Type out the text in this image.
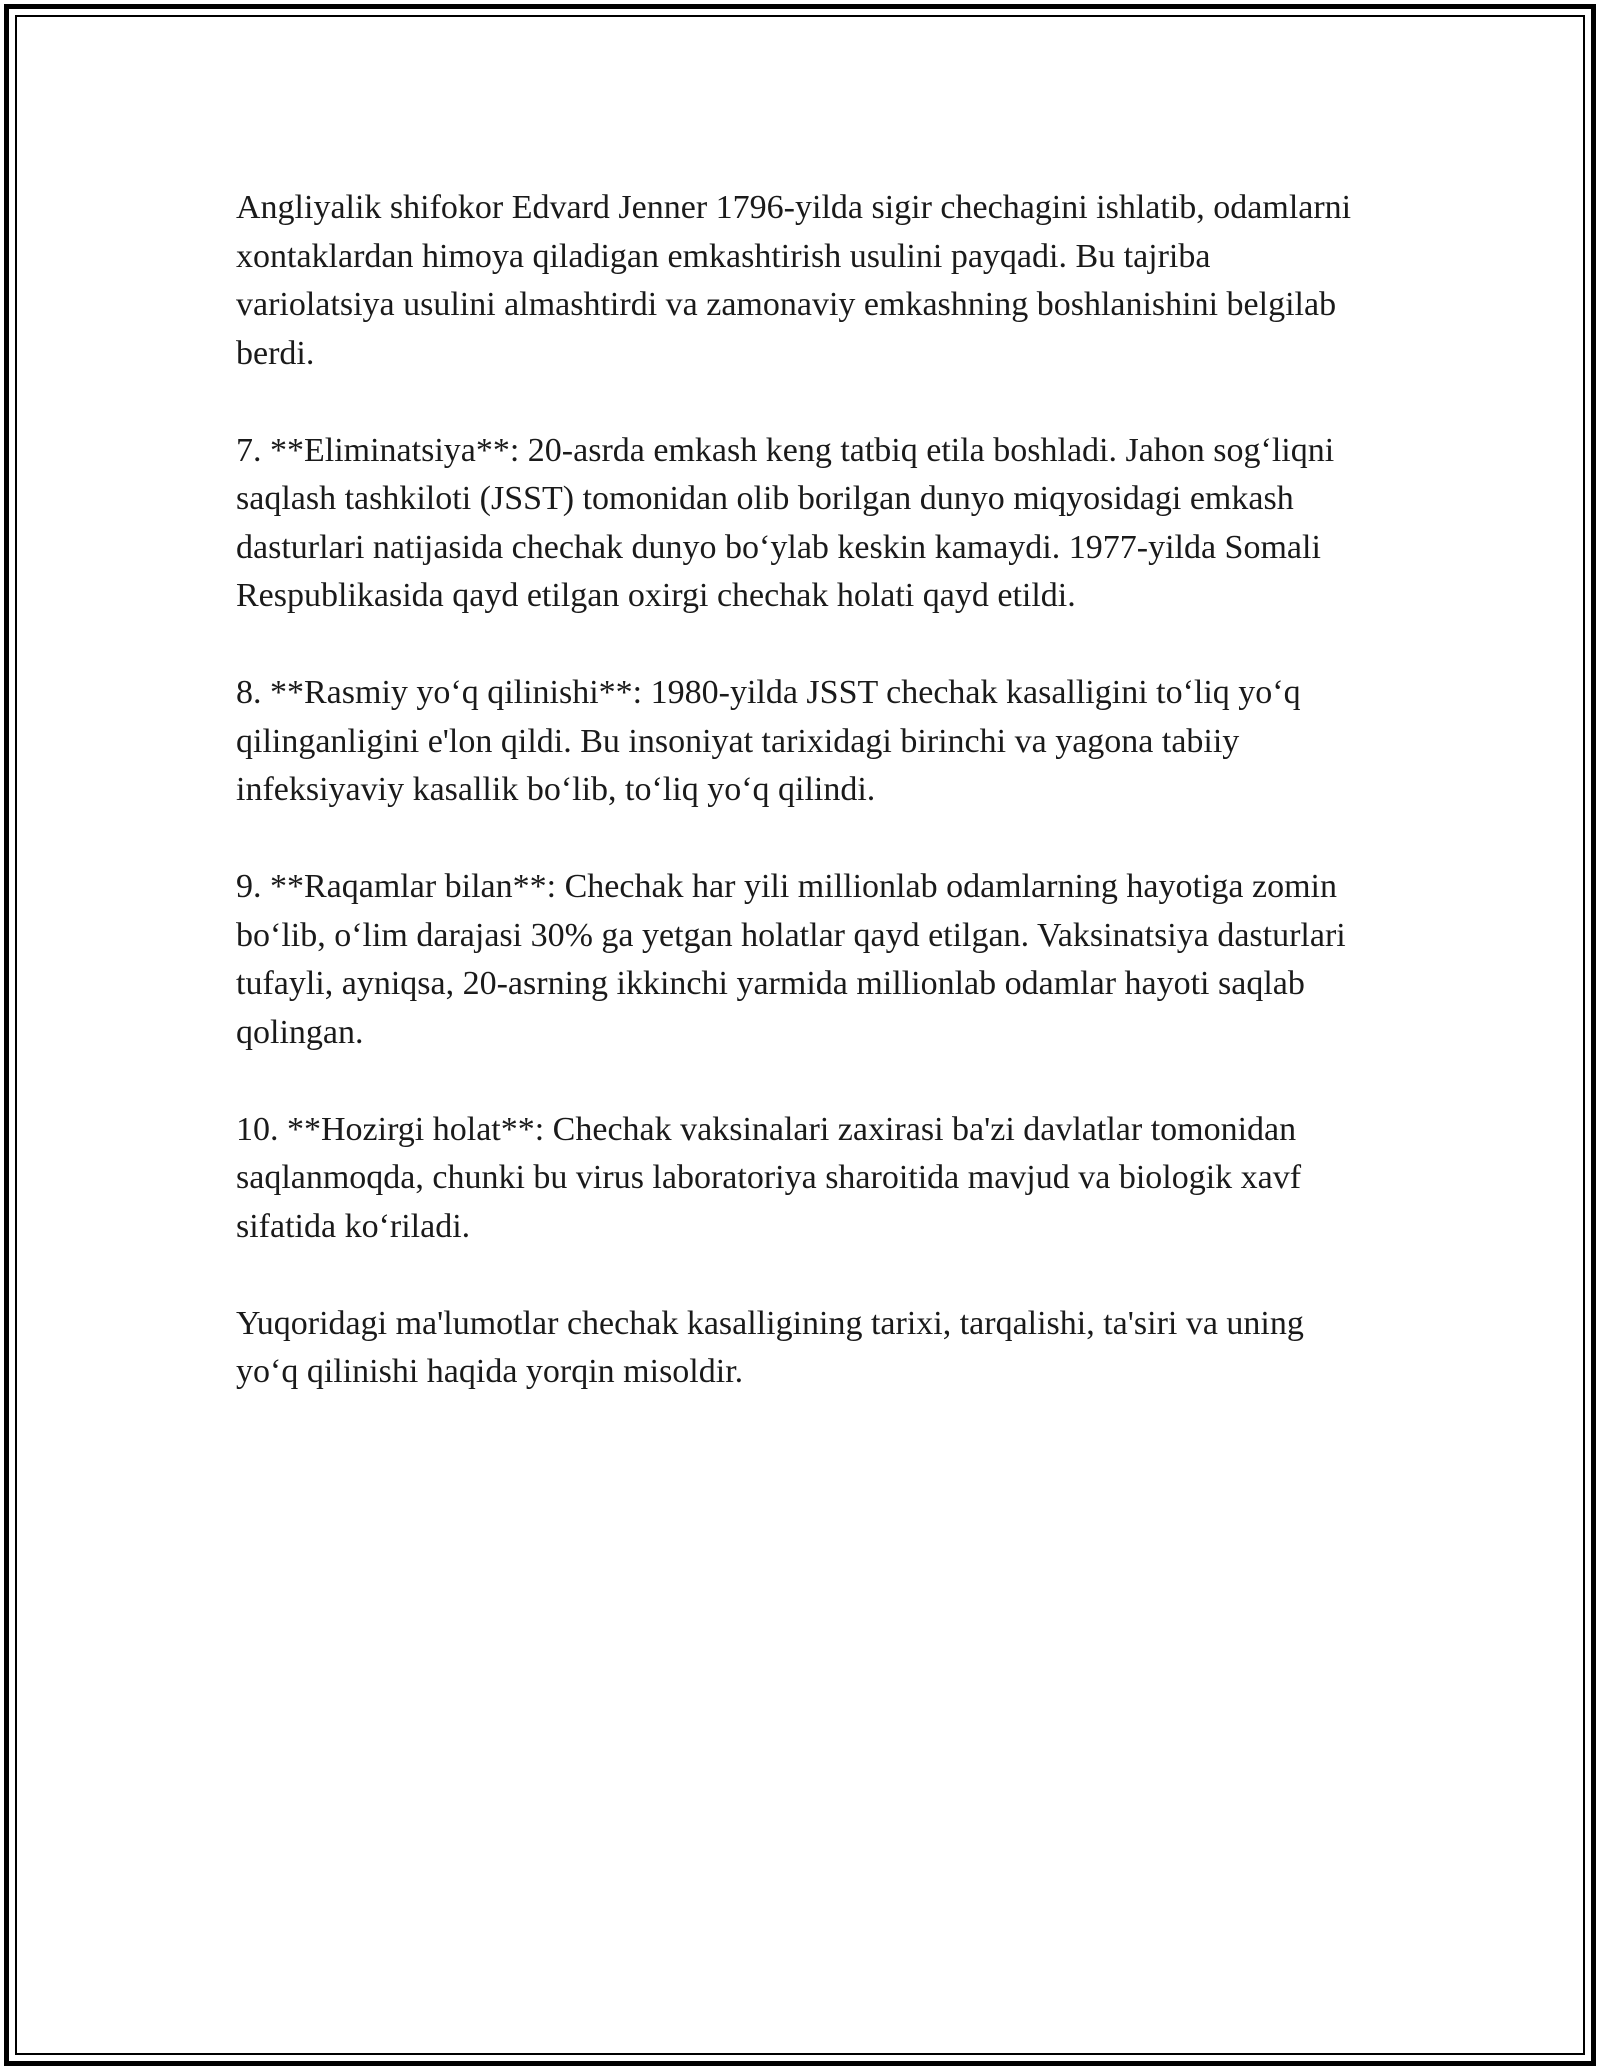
Angliyalik shifokor Edvard Jenner 1796-yilda sigir chechagini ishlatib, odamlarni xontaklardan himoya qiladigan emkashtirish usulini payqadi. Bu tajriba variolatsiya usulini almashtirdi va zamonaviy emkashning boshlanishini belgilab berdi.

7. **Eliminatsiya**: 20-asrda emkash keng tatbiq etila boshladi. Jahon sog‘liqni saqlash tashkiloti (JSST) tomonidan olib borilgan dunyo miqyosidagi emkash dasturlari natijasida chechak dunyo bo‘ylab keskin kamaydi. 1977-yilda Somali Respublikasida qayd etilgan oxirgi chechak holati qayd etildi.

8. **Rasmiy yo‘q qilinishi**: 1980-yilda JSST chechak kasalligini to‘liq yo‘q qilinganligini e'lon qildi. Bu insoniyat tarixidagi birinchi va yagona tabiiy infeksiyaviy kasallik bo‘lib, to‘liq yo‘q qilindi.

9. **Raqamlar bilan**: Chechak har yili millionlab odamlarning hayotiga zomin bo‘lib, o‘lim darajasi 30% ga yetgan holatlar qayd etilgan. Vaksinatsiya dasturlari tufayli, ayniqsa, 20-asrning ikkinchi yarmida millionlab odamlar hayoti saqlab qolingan.

10. **Hozirgi holat**: Chechak vaksinalari zaxirasi ba'zi davlatlar tomonidan saqlanmoqda, chunki bu virus laboratoriya sharoitida mavjud va biologik xavf sifatida ko‘riladi.

Yuqoridagi ma'lumotlar chechak kasalligining tarixi, tarqalishi, ta'siri va uning yo‘q qilinishi haqida yorqin misoldir.
